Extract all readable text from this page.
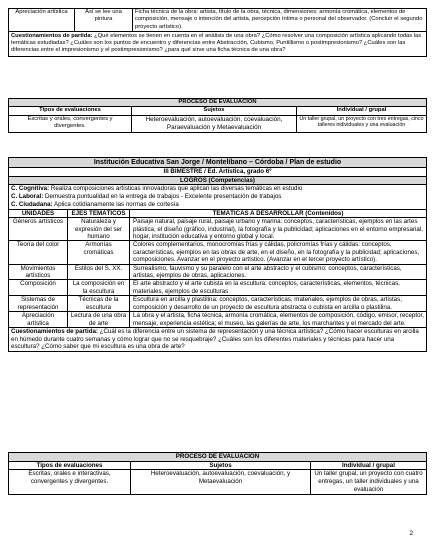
Apreciación artística	Así se lee una pintura	Ficha técnica de la obra: artista, título de la obra, técnica, dimensiones; armonía cromática, elementos de composición, mensaje o intención del artista, percepción íntima o personal del observador. (Concluir el segundo proyecto artístico).
Cuestionamientos de partida: ¿Qué elementos se tienen en cuenta en el análisis de una obra? ¿Cómo resolver una composición artística aplicando todas las temáticas estudiadas? ¿Cuáles son los puntos de encuentro y diferencias entre Abstracción, Cubismo, Puntillismo o postimpresionismo? ¿Cuáles son las diferencias entre el impresionismo y el postimpresionismo? ¿para qué sirve una ficha técnica de una obra?
PROCESO DE EVALUACIÓN		
Tipos de evaluaciones	Sujetos	Individual / grupal
Escritas y orales, convergentes y divergentes.	Heteroevaluación, autoevaluación, coevaluación, Paraevaluación y Metaevaluación	Un taller grupal, un proyecto con tres entregas, cinco talleres individuales y una evaluación
Institución Educativa San Jorge / Montelíbano – Córdoba / Plan de estudio		
III BIMESTRE / Ed. Artística, grado 6º		
LOGROS (Competencias)		

C. Cognitiva: Realiza composiciones artísticas innovadoras que aplican las diversas temáticas en estudio
C. Laboral: Demuestra puntualidad en la entrega de trabajos - Excelente presentación de trabajos
C. Ciudadana: Aplica cotidianamente las normas de cortesía		

UNIDADES	EJES TEMÁTICOS	TEMÁTICAS A DESARROLLAR (Contenidos)
Géneros artísticos	Naturaleza y expresión del ser humano	Paisaje natural, paisaje rural, paisaje urbano y marina: conceptos, características, ejemplos en las artes plástica, el diseño (gráfico, industrial), la fotografía y la publicidad; aplicaciones en el entorno empresarial, hogar, institución educativa y entorno global y local.
Teoría del color	Armonías cromáticas	Colores complementarios, monocromías frías y cálidas, policromías frías y cálidas: conceptos, características, ejemplos en las obras de arte, en el diseño, en la fotografía y la publicidad; aplicaciones, composiciones. Avanzar en el proyecto artístico. (Avanzar en el tercer proyecto artístico).
Movimientos artísticos	Estilos del S. XX.	Surrealismo, fauvismo y su paralelo con el arte abstracto y el cubismo: conceptos, características, artistas, ejemplos de obras, aplicaciones.
Composición	La composición en la escultura	El arte abstracto y el arte cubista en la escultura: conceptos, características, elementos, técnicas, materiales, ejemplos de esculturas
Sistemas de representación	Técnicas de la escultura	Escultura en arcilla y plastilina: conceptos, características, materiales, ejemplos de obras, artistas, composición y desarrollo de un proyecto de escultura abstracta o cubista en arcilla o plastilina.
Apreciación artística	Lectura de una obra de arte	La obra y el artista, ficha técnica, armonía cromática, elementos de composición, código, emisor, receptor, mensaje, experiencia estética; el museo, las galerías de arte, los marchantes y el mercado del arte.
Cuestionamientos de partida: ¿Cuál es la diferencia entre un sistema de representación y una técnica artística? ¿Cómo hacer esculturas en arcilla en húmedo durante cuatro semanas y cómo lograr que no se resquebraje? ¿Cuáles son los diferentes materiales y técnicas para hacer una escultura? ¿Cómo saber que mi escultura es una obra de arte?		
PROCESO DE EVALUACIÓN		
Tipos de evaluaciones	Sujetos	Individual / grupal
Escritas, orales e interactivas, convergentes y divergentes.	Heteroevaluación, autoevaluación, coevaluación, y Metaevaluación	Un taller grupal, un proyecto con cuatro entregas, un taller individuales y una evaluación
2
